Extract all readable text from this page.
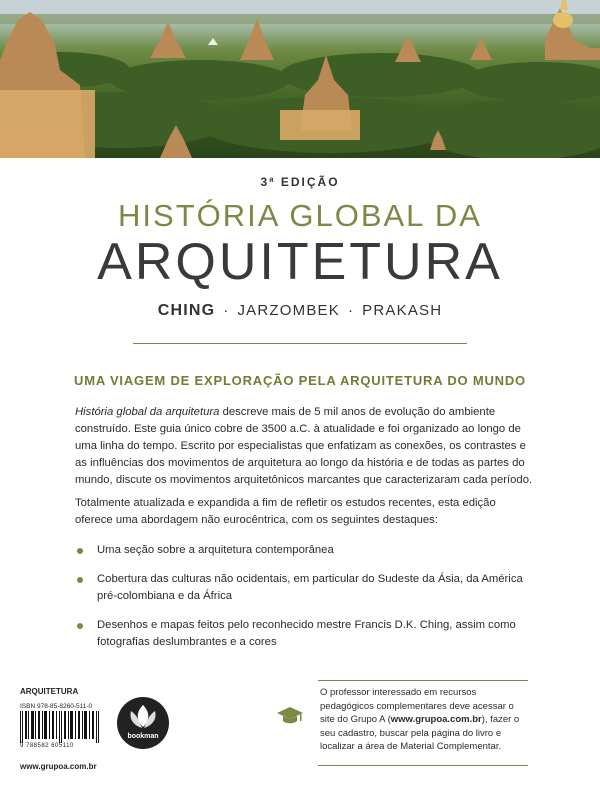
3ª EDIÇÃO
HISTÓRIA GLOBAL DA
ARQUITETURA
CHING · JARZOMBEK · PRAKASH
UMA VIAGEM DE EXPLORAÇÃO PELA ARQUITETURA DO MUNDO
História global da arquitetura descreve mais de 5 mil anos de evolução do ambiente construído. Este guia único cobre de 3500 a.C. à atualidade e foi organizado ao longo de uma linha do tempo. Escrito por especialistas que enfatizam as conexões, os contrastes e as influências dos movimentos de arquitetura ao longo da história e de todas as partes do mundo, discute os movimentos arquitetônicos marcantes que caracterizaram cada período.
Totalmente atualizada e expandida a fim de refletir os estudos recentes, esta edição oferece uma abordagem não eurocêntrica, com os seguintes destaques:
Uma seção sobre a arquitetura contemporânea
Cobertura das culturas não ocidentais, em particular do Sudeste da Ásia, da América pré-colombiana e da África
Desenhos e mapas feitos pelo reconhecido mestre Francis D.K. Ching, assim como fotografias deslumbrantes e a cores
ARQUITETURA
ISBN 978-85-8260-511-0
9 788582 605110
www.grupoa.com.br
bookman
O professor interessado em recursos pedagógicos complementares deve acessar o site do Grupo A (www.grupoa.com.br), fazer o seu cadastro, buscar pela página do livro e localizar a área de Material Complementar.
